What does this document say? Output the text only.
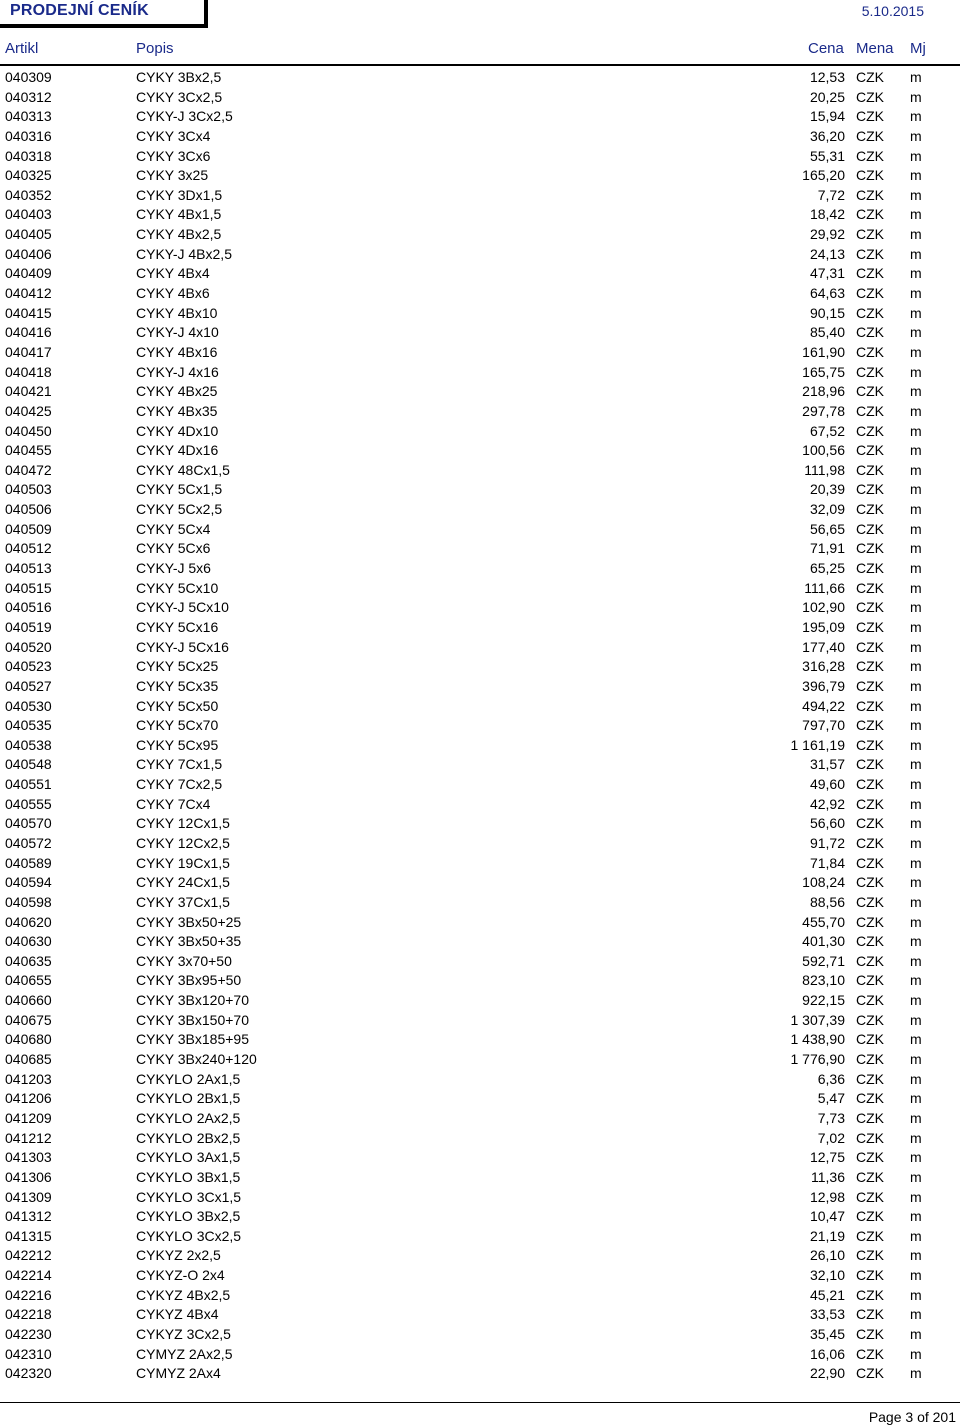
PRODEJNÍ CENÍK	5.10.2015
Artikl	Popis	Cena Mena Mj
040309	CYKY 3Bx2,5	12,53 CZK m
040312	CYKY 3Cx2,5	20,25 CZK m
040313	CYKY-J 3Cx2,5	15,94 CZK m
040316	CYKY 3Cx4	36,20 CZK m
040318	CYKY 3Cx6	55,31 CZK m
040325	CYKY 3x25	165,20 CZK m
040352	CYKY 3Dx1,5	7,72 CZK m
040403	CYKY 4Bx1,5	18,42 CZK m
040405	CYKY 4Bx2,5	29,92 CZK m
040406	CYKY-J 4Bx2,5	24,13 CZK m
040409	CYKY 4Bx4	47,31 CZK m
040412	CYKY 4Bx6	64,63 CZK m
040415	CYKY 4Bx10	90,15 CZK m
040416	CYKY-J 4x10	85,40 CZK m
040417	CYKY 4Bx16	161,90 CZK m
040418	CYKY-J 4x16	165,75 CZK m
040421	CYKY 4Bx25	218,96 CZK m
040425	CYKY 4Bx35	297,78 CZK m
040450	CYKY 4Dx10	67,52 CZK m
040455	CYKY 4Dx16	100,56 CZK m
040472	CYKY 48Cx1,5	111,98 CZK m
040503	CYKY 5Cx1,5	20,39 CZK m
040506	CYKY 5Cx2,5	32,09 CZK m
040509	CYKY 5Cx4	56,65 CZK m
040512	CYKY 5Cx6	71,91 CZK m
040513	CYKY-J 5x6	65,25 CZK m
040515	CYKY 5Cx10	111,66 CZK m
040516	CYKY-J 5Cx10	102,90 CZK m
040519	CYKY 5Cx16	195,09 CZK m
040520	CYKY-J 5Cx16	177,40 CZK m
040523	CYKY 5Cx25	316,28 CZK m
040527	CYKY 5Cx35	396,79 CZK m
040530	CYKY 5Cx50	494,22 CZK m
040535	CYKY 5Cx70	797,70 CZK m
040538	CYKY 5Cx95	1 161,19 CZK m
040548	CYKY 7Cx1,5	31,57 CZK m
040551	CYKY 7Cx2,5	49,60 CZK m
040555	CYKY 7Cx4	42,92 CZK m
040570	CYKY 12Cx1,5	56,60 CZK m
040572	CYKY 12Cx2,5	91,72 CZK m
040589	CYKY 19Cx1,5	71,84 CZK m
040594	CYKY 24Cx1,5	108,24 CZK m
040598	CYKY 37Cx1,5	88,56 CZK m
040620	CYKY 3Bx50+25	455,70 CZK m
040630	CYKY 3Bx50+35	401,30 CZK m
040635	CYKY 3x70+50	592,71 CZK m
040655	CYKY 3Bx95+50	823,10 CZK m
040660	CYKY 3Bx120+70	922,15 CZK m
040675	CYKY 3Bx150+70	1 307,39 CZK m
040680	CYKY 3Bx185+95	1 438,90 CZK m
040685	CYKY 3Bx240+120	1 776,90 CZK m
041203	CYKYLO 2Ax1,5	6,36 CZK m
041206	CYKYLO 2Bx1,5	5,47 CZK m
041209	CYKYLO 2Ax2,5	7,73 CZK m
041212	CYKYLO 2Bx2,5	7,02 CZK m
041303	CYKYLO 3Ax1,5	12,75 CZK m
041306	CYKYLO 3Bx1,5	11,36 CZK m
041309	CYKYLO 3Cx1,5	12,98 CZK m
041312	CYKYLO 3Bx2,5	10,47 CZK m
041315	CYKYLO 3Cx2,5	21,19 CZK m
042212	CYKYZ 2x2,5	26,10 CZK m
042214	CYKYZ-O 2x4	32,10 CZK m
042216	CYKYZ 4Bx2,5	45,21 CZK m
042218	CYKYZ 4Bx4	33,53 CZK m
042230	CYKYZ 3Cx2,5	35,45 CZK m
042310	CYMYZ 2Ax2,5	16,06 CZK m
042320	CYMYZ 2Ax4	22,90 CZK m
Page 3 of 201
